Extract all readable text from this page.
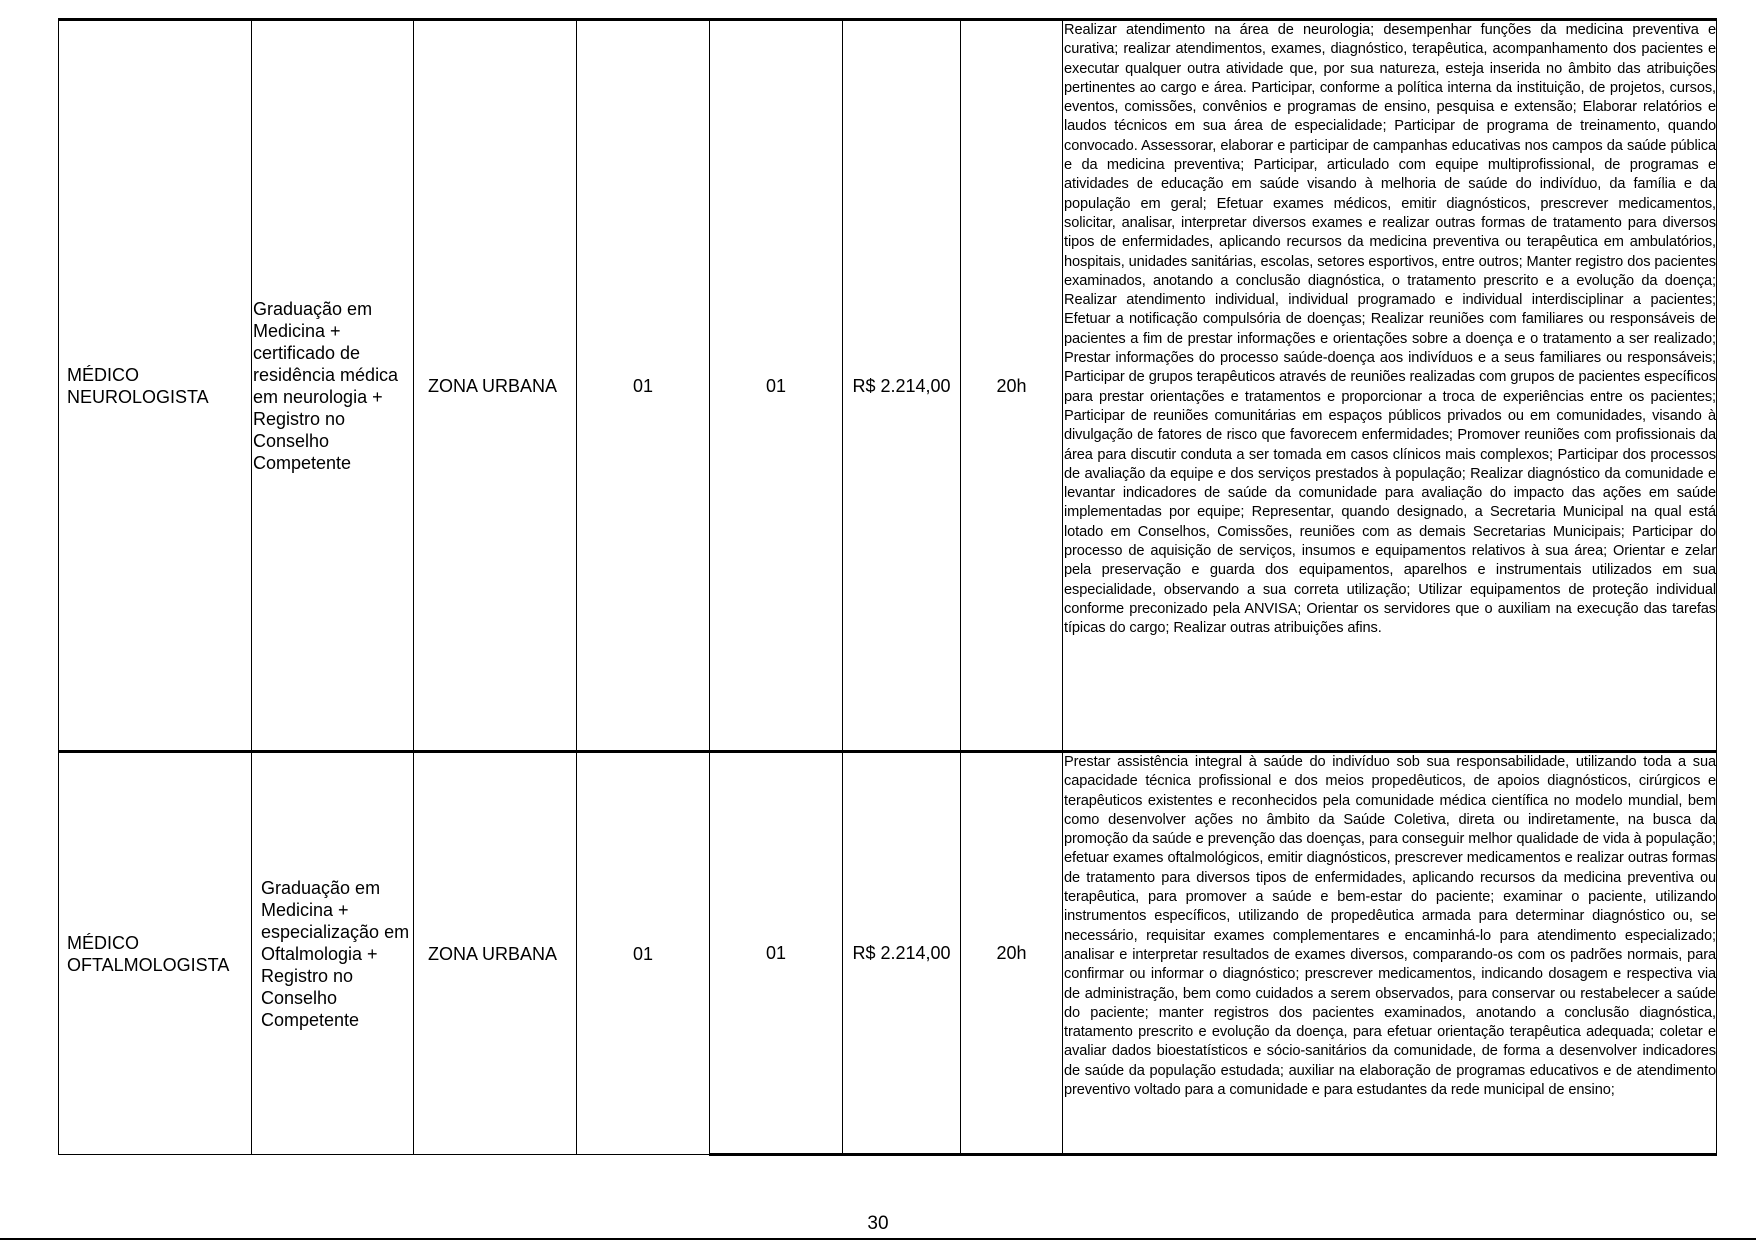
MÉDICO NEUROLOGISTA	Graduação em Medicina + certificado de residência médica em neurologia + Registro no Conselho Competente	ZONA URBANA	01	01	R$ 2.214,00	20h	Realizar atendimento na área de neurologia; desempenhar funções da medicina preventiva e curativa; realizar atendimentos, exames, diagnóstico, terapêutica, acompanhamento dos pacientes e executar qualquer outra atividade que, por sua natureza, esteja inserida no âmbito das atribuições pertinentes ao cargo e área. Participar, conforme a política interna da instituição, de projetos, cursos, eventos, comissões, convênios e programas de ensino, pesquisa e extensão; Elaborar relatórios e laudos técnicos em sua área de especialidade; Participar de programa de treinamento, quando convocado. Assessorar, elaborar e participar de campanhas educativas nos campos da saúde pública e da medicina preventiva; Participar, articulado com equipe multiprofissional, de programas e atividades de educação em saúde visando à melhoria de saúde do indivíduo, da família e da população em geral; Efetuar exames médicos, emitir diagnósticos, prescrever medicamentos, solicitar, analisar, interpretar diversos exames e realizar outras formas de tratamento para diversos tipos de enfermidades, aplicando recursos da medicina preventiva ou terapêutica em ambulatórios, hospitais, unidades sanitárias, escolas, setores esportivos, entre outros; Manter registro dos pacientes examinados, anotando a conclusão diagnóstica, o tratamento prescrito e a evolução da doença; Realizar atendimento individual, individual programado e individual interdisciplinar a pacientes; Efetuar a notificação compulsória de doenças; Realizar reuniões com familiares ou responsáveis de pacientes a fim de prestar informações e orientações sobre a doença e o tratamento a ser realizado; Prestar informações do processo saúde-doença aos indivíduos e a seus familiares ou responsáveis; Participar de grupos terapêuticos através de reuniões realizadas com grupos de pacientes específicos para prestar orientações e tratamentos e proporcionar a troca de experiências entre os pacientes; Participar de reuniões comunitárias em espaços públicos privados ou em comunidades, visando à divulgação de fatores de risco que favorecem enfermidades; Promover reuniões com profissionais da área para discutir conduta a ser tomada em casos clínicos mais complexos; Participar dos processos de avaliação da equipe e dos serviços prestados à população; Realizar diagnóstico da comunidade e levantar indicadores de saúde da comunidade para avaliação do impacto das ações em saúde implementadas por equipe; Representar, quando designado, a Secretaria Municipal na qual está lotado em Conselhos, Comissões, reuniões com as demais Secretarias Municipais; Participar do processo de aquisição de serviços, insumos e equipamentos relativos à sua área; Orientar e zelar pela preservação e guarda dos equipamentos, aparelhos e instrumentais utilizados em sua especialidade, observando a sua correta utilização; Utilizar equipamentos de proteção individual conforme preconizado pela ANVISA; Orientar os servidores que o auxiliam na execução das tarefas típicas do cargo; Realizar outras atribuições afins.

MÉDICO OFTALMOLOGISTA	Graduação em Medicina + especialização em Oftalmologia + Registro no Conselho Competente	ZONA URBANA	01	01	R$ 2.214,00	20h	Prestar assistência integral à saúde do indivíduo sob sua responsabilidade, utilizando toda a sua capacidade técnica profissional e dos meios propedêuticos, de apoios diagnósticos, cirúrgicos e terapêuticos existentes e reconhecidos pela comunidade médica científica no modelo mundial, bem como desenvolver ações no âmbito da Saúde Coletiva, direta ou indiretamente, na busca da promoção da saúde e prevenção das doenças, para conseguir melhor qualidade de vida à população; efetuar exames oftalmológicos, emitir diagnósticos, prescrever medicamentos e realizar outras formas de tratamento para diversos tipos de enfermidades, aplicando recursos da medicina preventiva ou terapêutica, para promover a saúde e bem-estar do paciente; examinar o paciente, utilizando instrumentos específicos, utilizando de propedêutica armada para determinar diagnóstico ou, se necessário, requisitar exames complementares e encaminhá-lo para atendimento especializado; analisar e interpretar resultados de exames diversos, comparando-os com os padrões normais, para confirmar ou informar o diagnóstico; prescrever medicamentos, indicando dosagem e respectiva via de administração, bem como cuidados a serem observados, para conservar ou restabelecer a saúde do paciente; manter registros dos pacientes examinados, anotando a conclusão diagnóstica, tratamento prescrito e evolução da doença, para efetuar orientação terapêutica adequada; coletar e avaliar dados bioestatísticos e sócio-sanitários da comunidade, de forma a desenvolver indicadores de saúde da população estudada; auxiliar na elaboração de programas educativos e de atendimento preventivo voltado para a comunidade e para estudantes da rede municipal de ensino;
30
